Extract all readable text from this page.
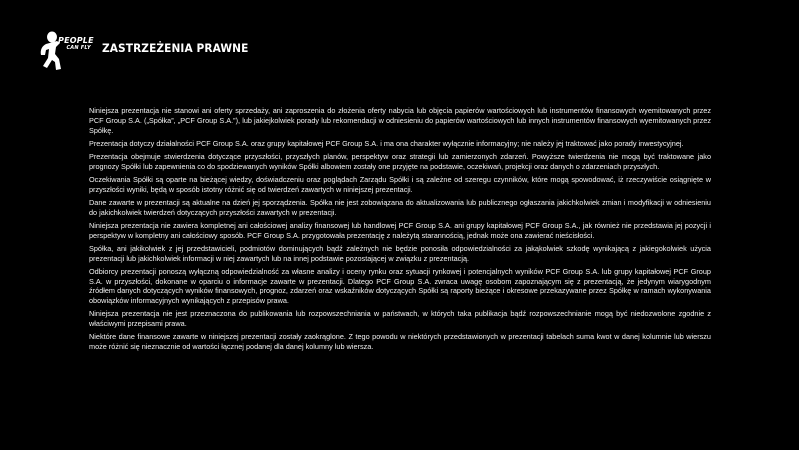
PEOPLE
CAN FLY ZASTRZEŻENIA PRAWNE

Niniejsza prezentacja nie stanowi ani oferty sprzedaży, ani zaproszenia do złożenia oferty nabycia lub objęcia papierów wartościowych lub instrumentów finansowych wyemitowanych przez PCF Group S.A. („Spółka”, „PCF Group S.A.”), lub jakiejkolwiek porady lub rekomendacji w odniesieniu do papierów wartościowych lub innych instrumentów finansowych wyemitowanych przez Spółkę.

Prezentacja dotyczy działalności PCF Group S.A. oraz grupy kapitałowej PCF Group S.A. i ma ona charakter wyłącznie informacyjny; nie należy jej traktować jako porady inwestycyjnej.

Prezentacja obejmuje stwierdzenia dotyczące przyszłości, przyszłych planów, perspektyw oraz strategii lub zamierzonych zdarzeń. Powyższe twierdzenia nie mogą być traktowane jako prognozy Spółki lub zapewnienia co do spodziewanych wyników Spółki albowiem zostały one przyjęte na podstawie, oczekiwań, projekcji oraz danych o zdarzeniach przyszłych.

Oczekiwania Spółki są oparte na bieżącej wiedzy, doświadczeniu oraz poglądach Zarządu Spółki i są zależne od szeregu czynników, które mogą spowodować, iż rzeczywiście osiągnięte w przyszłości wyniki, będą w sposób istotny różnić się od twierdzeń zawartych w niniejszej prezentacji.

Dane zawarte w prezentacji są aktualne na dzień jej sporządzenia. Spółka nie jest zobowiązana do aktualizowania lub publicznego ogłaszania jakichkolwiek zmian i modyfikacji w odniesieniu do jakichkolwiek twierdzeń dotyczących przyszłości zawartych w prezentacji.

Niniejsza prezentacja nie zawiera kompletnej ani całościowej analizy finansowej lub handlowej PCF Group S.A. ani grupy kapitałowej PCF Group S.A., jak również nie przedstawia jej pozycji i perspektyw w kompletny ani całościowy sposób. PCF Group S.A. przygotowała prezentację z należytą starannością, jednak może ona zawierać nieścisłości.

Spółka, ani jakikolwiek z jej przedstawicieli, podmiotów dominujących bądź zależnych nie będzie ponosiła odpowiedzialności za jakąkolwiek szkodę wynikającą z jakiegokolwiek użycia prezentacji lub jakichkolwiek informacji w niej zawartych lub na innej podstawie pozostającej w związku z prezentacją.

Odbiorcy prezentacji ponoszą wyłączną odpowiedzialność za własne analizy i oceny rynku oraz sytuacji rynkowej i potencjalnych wyników PCF Group S.A. lub grupy kapitałowej PCF Group S.A. w przyszłości, dokonane w oparciu o informacje zawarte w prezentacji. Dlatego PCF Group S.A. zwraca uwagę osobom zapoznającym się z prezentacją, że jedynym wiarygodnym źródłem danych dotyczących wyników finansowych, prognoz, zdarzeń oraz wskaźników dotyczących Spółki są raporty bieżące i okresowe przekazywane przez Spółkę w ramach wykonywania obowiązków informacyjnych wynikających z przepisów prawa.

Niniejsza prezentacja nie jest przeznaczona do publikowania lub rozpowszechniania w państwach, w których taka publikacja bądź rozpowszechnianie mogą być niedozwolone zgodnie z właściwymi przepisami prawa.

Niektóre dane finansowe zawarte w niniejszej prezentacji zostały zaokrąglone. Z tego powodu w niektórych przedstawionych w prezentacji tabelach suma kwot w danej kolumnie lub wierszu może różnić się nieznacznie od wartości łącznej podanej dla danej kolumny lub wiersza.
